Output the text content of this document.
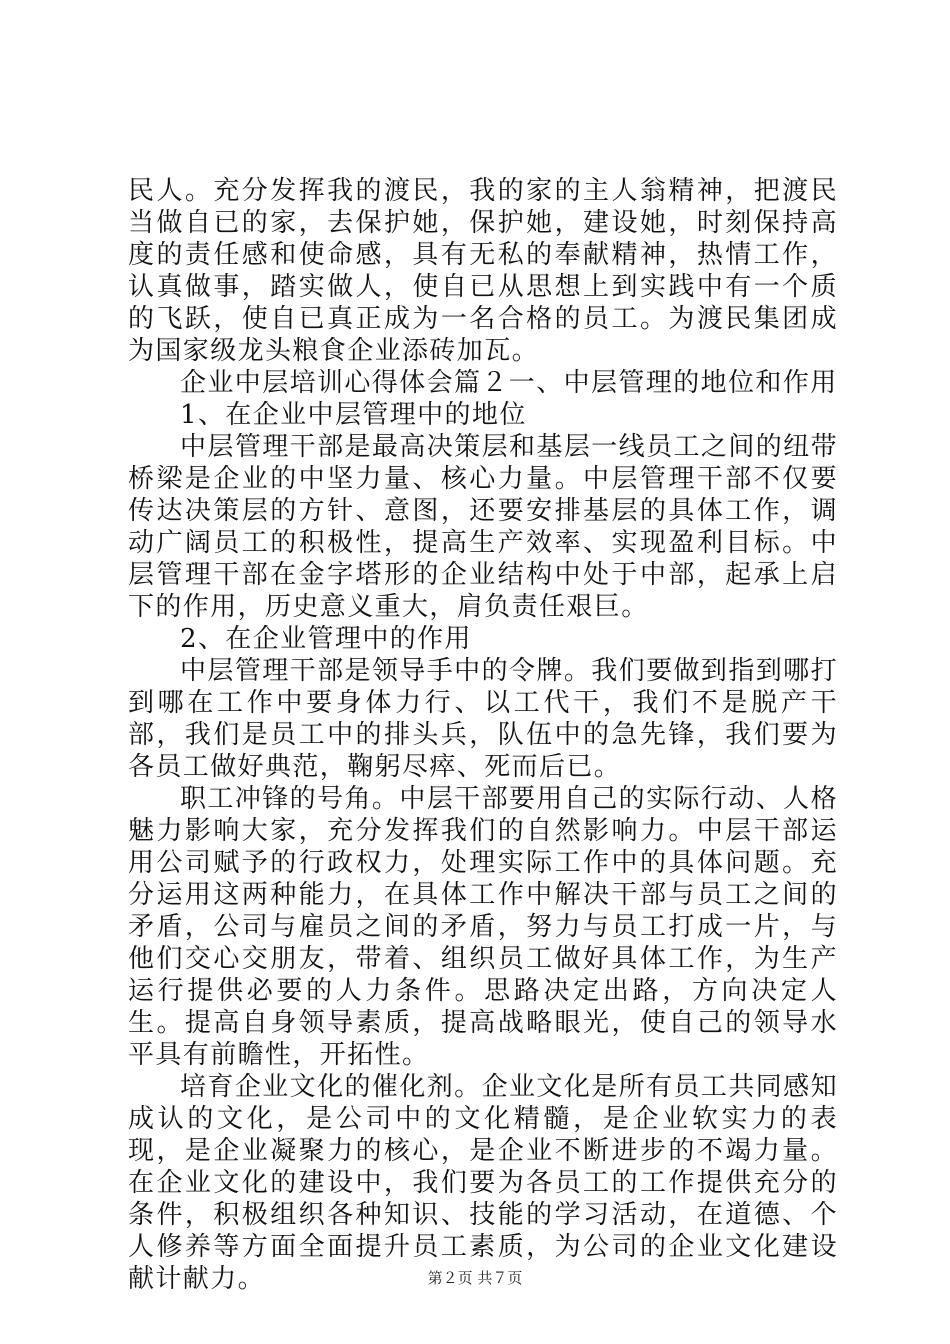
民人。充分发挥我的渡民，我的家的主人翁精神，把渡民当做自已的家，去保护她，保护她，建设她，时刻保持高度的责任感和使命感，具有无私的奉献精神，热情工作，认真做事，踏实做人，使自已从思想上到实践中有一个质的飞跃，使自已真正成为一名合格的员工。为渡民集团成为国家级龙头粮食企业添砖加瓦。

企业中层培训心得体会篇２一、中层管理的地位和作用

1、在企业中层管理中的地位

中层管理干部是最高决策层和基层一线员工之间的纽带桥梁是企业的中坚力量、核心力量。中层管理干部不仅要传达决策层的方针、意图，还要安排基层的具体工作，调动广阔员工的积极性，提高生产效率、实现盈利目标。中层管理干部在金字塔形的企业结构中处于中部，起承上启下的作用，历史意义重大，肩负责任艰巨。

2、在企业管理中的作用

中层管理干部是领导手中的令牌。我们要做到指到哪打到哪在工作中要身体力行、以工代干，我们不是脱产干部，我们是员工中的排头兵，队伍中的急先锋，我们要为各员工做好典范，鞠躬尽瘁、死而后已。

职工冲锋的号角。中层干部要用自己的实际行动、人格魅力影响大家，充分发挥我们的自然影响力。中层干部运用公司赋予的行政权力，处理实际工作中的具体问题。充分运用这两种能力，在具体工作中解决干部与员工之间的矛盾，公司与雇员之间的矛盾，努力与员工打成一片，与他们交心交朋友，带着、组织员工做好具体工作，为生产运行提供必要的人力条件。思路决定出路，方向决定人生。提高自身领导素质，提高战略眼光，使自己的领导水平具有前瞻性，开拓性。

培育企业文化的催化剂。企业文化是所有员工共同感知成认的文化，是公司中的文化精髓，是企业软实力的表现，是企业凝聚力的核心，是企业不断进步的不竭力量。在企业文化的建设中，我们要为各员工的工作提供充分的条件，积极组织各种知识、技能的学习活动，在道德、个人修养等方面全面提升员工素质，为公司的企业文化建设献计献力。	第２页 共７页
